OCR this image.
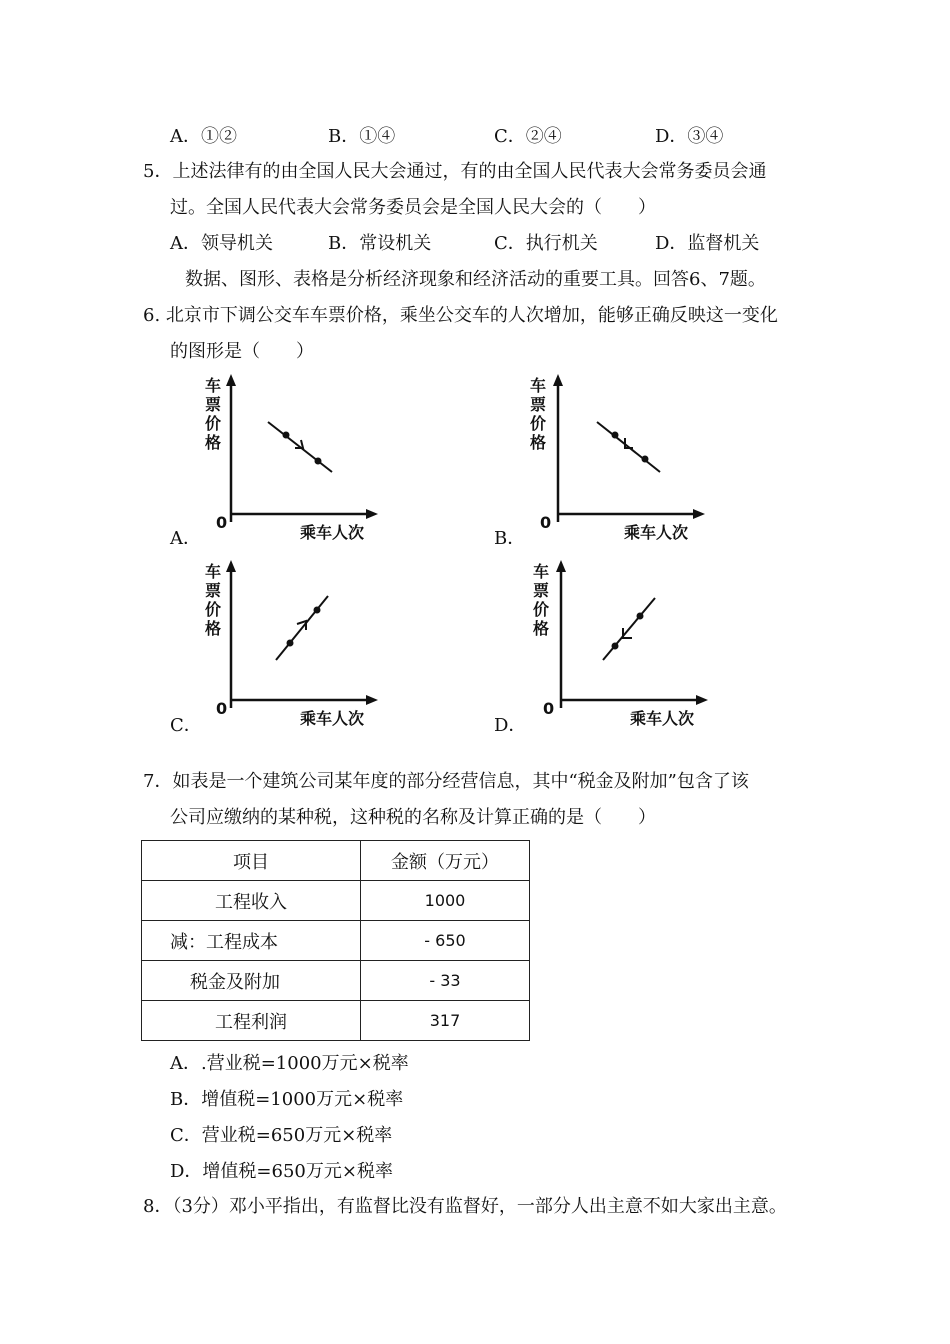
A．①②	B．①④	C．②④	D．③④
5．上述法律有的由全国人民大会通过，有的由全国人民代表大会常务委员会通
过。全国人民代表大会常务委员会是全国人民大会的（　　）
A．领导机关	B．常设机关	C．执行机关	D．监督机关
数据、图形、表格是分析经济现象和经济活动的重要工具。回答6、7题。
6. 北京市下调公交车车票价格，乘坐公交车的人次增加，能够正确反映这一变化
的图形是（　　）
车
票
价
格
0
乘车人次
A．
车
票
价
格
0
乘车人次
B．
车
票
价
格
0
乘车人次
C．
车
票
价
格
0
乘车人次
D．
7．如表是一个建筑公司某年度的部分经营信息，其中“税金及附加”包含了该
公司应缴纳的某种税，这种税的名称及计算正确的是（　　）
项目	金额（万元）
工程收入	1000
减：工程成本	- 650
税金及附加	- 33
工程利润	317
A．.营业税=1000万元×税率
B．增值税=1000万元×税率
C．营业税=650万元×税率
D．增值税=650万元×税率
8．（3分）邓小平指出，有监督比没有监督好，一部分人出主意不如大家出主意。
